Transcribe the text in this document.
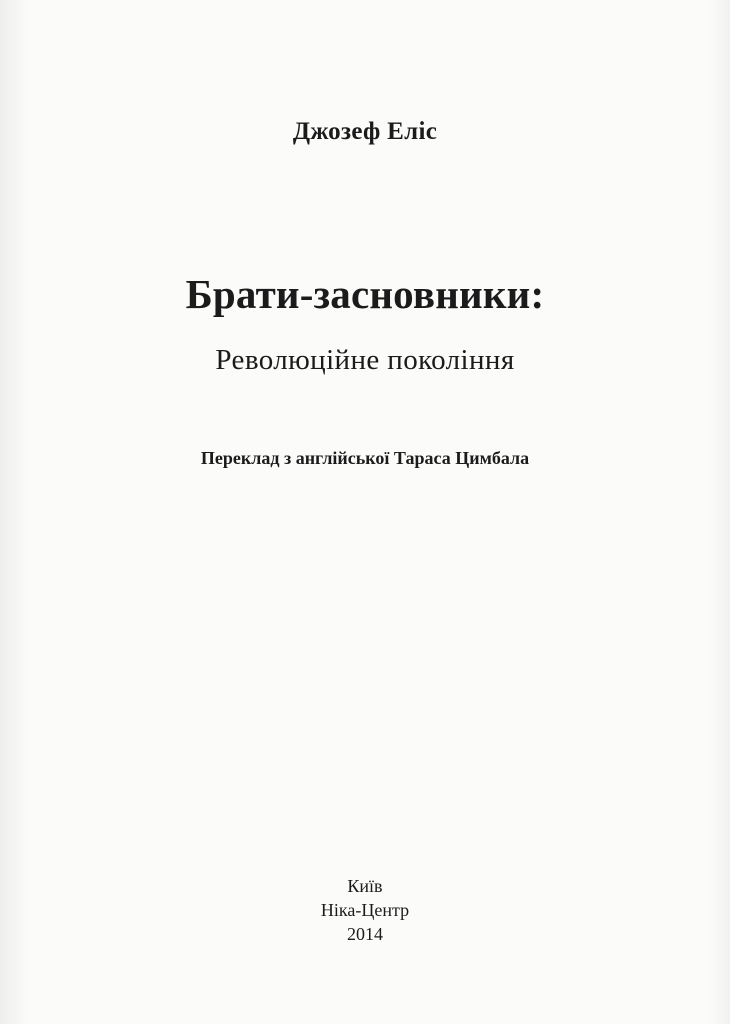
Джозеф Еліс
Брати-засновники:
Революційне покоління
Переклад з англійської Тараса Цимбала
Київ
Ніка-Центр
2014
